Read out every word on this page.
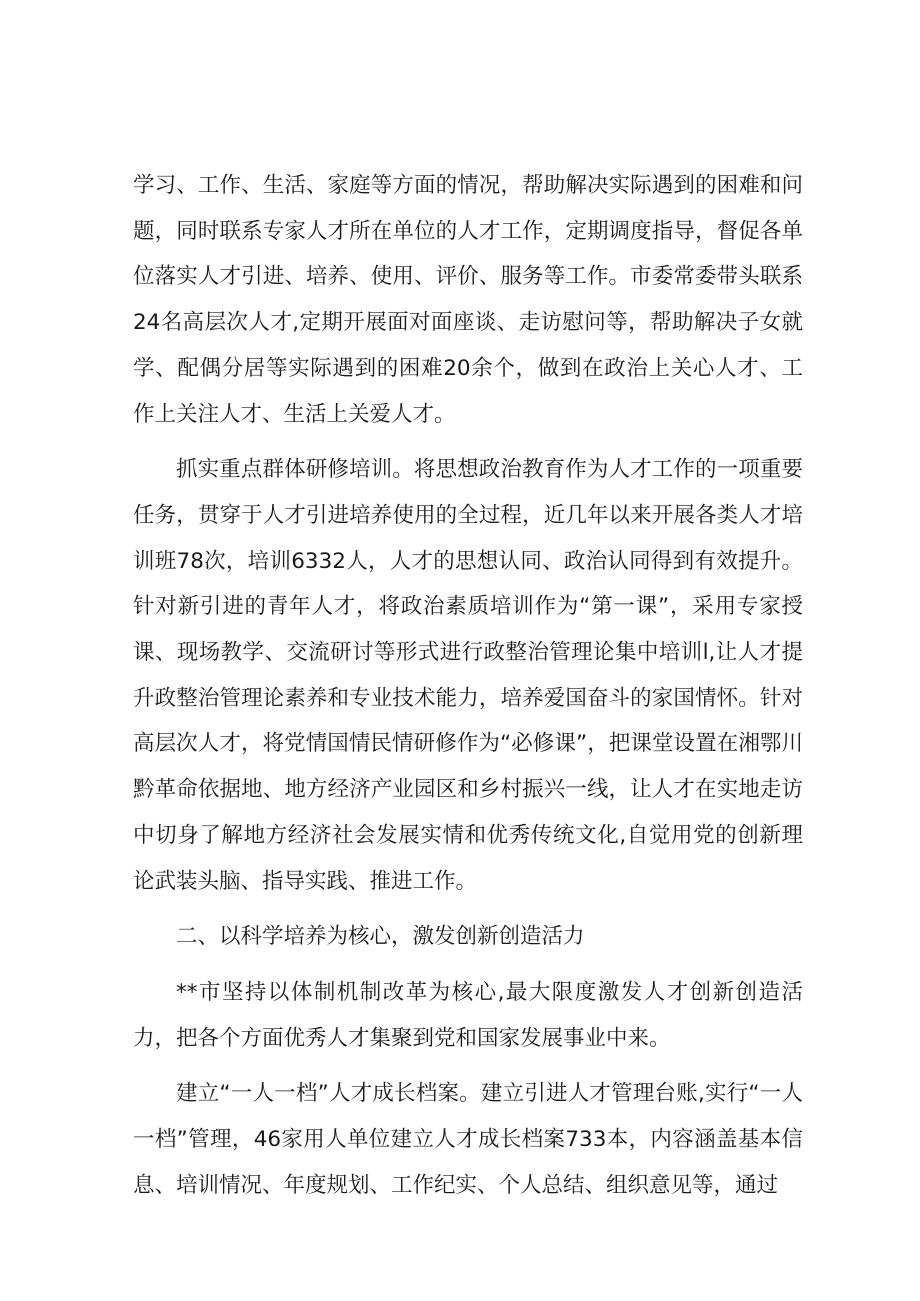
学习、工作、生活、家庭等方面的情况，帮助解决实际遇到的困难和问题，同时联系专家人才所在单位的人才工作，定期调度指导，督促各单位落实人才引进、培养、使用、评价、服务等工作。市委常委带头联系24名高层次人才,定期开展面对面座谈、走访慰问等，帮助解决子女就学、配偶分居等实际遇到的困难20余个，做到在政治上关心人才、工作上关注人才、生活上关爱人才。

抓实重点群体研修培训。将思想政治教育作为人才工作的一项重要任务，贯穿于人才引进培养使用的全过程，近几年以来开展各类人才培训班78次，培训6332人，人才的思想认同、政治认同得到有效提升。针对新引进的青年人才，将政治素质培训作为“第一课”，采用专家授课、现场教学、交流研讨等形式进行政整治管理论集中培训l,让人才提升政整治管理论素养和专业技术能力，培养爱国奋斗的家国情怀。针对高层次人才，将党情国情民情研修作为“必修课”，把课堂设置在湘鄂川黔革命依据地、地方经济产业园区和乡村振兴一线，让人才在实地走访中切身了解地方经济社会发展实情和优秀传统文化,自觉用党的创新理论武装头脑、指导实践、推进工作。

二、以科学培养为核心，激发创新创造活力

**市坚持以体制机制改革为核心,最大限度激发人才创新创造活力，把各个方面优秀人才集聚到党和国家发展事业中来。

建立“一人一档”人才成长档案。建立引进人才管理台账,实行“一人一档”管理，46家用人单位建立人才成长档案733本，内容涵盖基本信息、培训情况、年度规划、工作纪实、个人总结、组织意见等，通过
